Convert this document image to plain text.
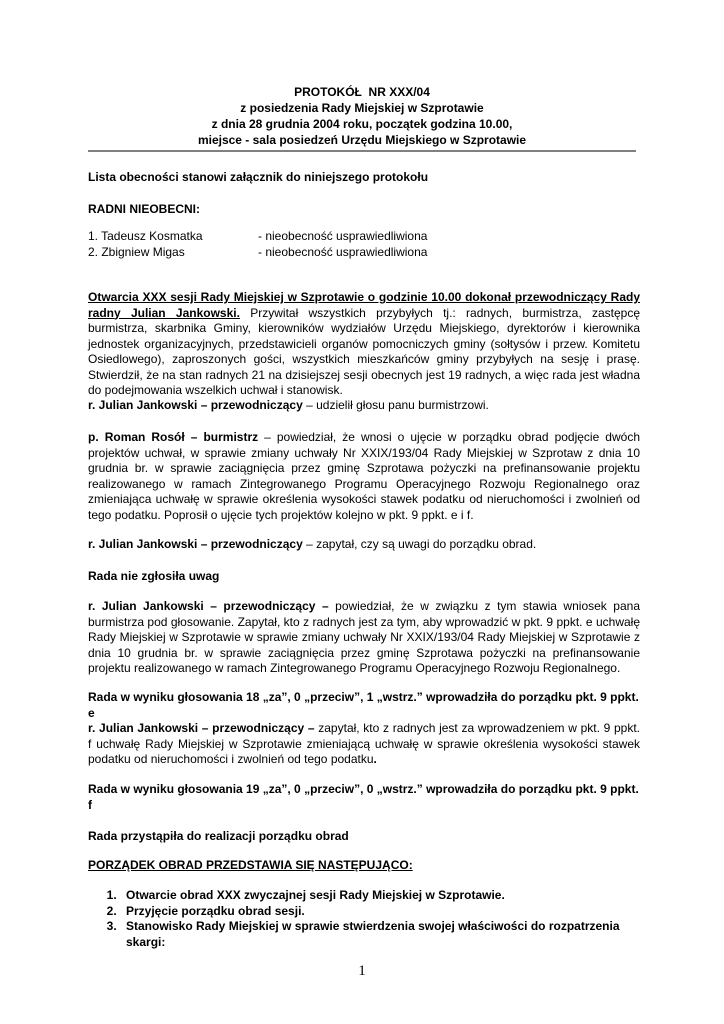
PROTOKÓŁ  NR XXX/04
z posiedzenia Rady Miejskiej w Szprotawie
z dnia 28 grudnia 2004 roku, początek godzina 10.00,
miejsce - sala posiedzeń Urzędu Miejskiego w Szprotawie
Lista obecności stanowi załącznik do niniejszego protokołu
RADNI NIEOBECNI:
1. Tadeusz Kosmatka	- nieobecność usprawiedliwiona
2. Zbigniew Migas	- nieobecność usprawiedliwiona
Otwarcia XXX sesji Rady Miejskiej w Szprotawie o godzinie 10.00 dokonał przewodniczący Rady radny Julian Jankowski. Przywitał wszystkich przybyłych tj.: radnych, burmistrza, zastępcę burmistrza, skarbnika Gminy, kierowników wydziałów Urzędu Miejskiego, dyrektorów i kierownika jednostek organizacyjnych, przedstawicieli organów pomocniczych gminy (sołtysów i przew. Komitetu Osiedlowego), zaproszonych gości, wszystkich mieszkańców gminy przybyłych na sesję i prasę. Stwierdził, że na stan radnych 21 na dzisiejszej sesji obecnych jest 19 radnych, a więc rada jest władna do podejmowania wszelkich uchwał i stanowisk.
r. Julian Jankowski – przewodniczący – udzielił głosu panu burmistrzowi.
p. Roman Rosół – burmistrz – powiedział, że wnosi o ujęcie w porządku obrad podjęcie dwóch projektów uchwał, w sprawie zmiany uchwały Nr XXIX/193/04 Rady Miejskiej w Szprotaw z dnia 10 grudnia br. w sprawie zaciągnięcia przez gminę Szprotawa pożyczki na prefinansowanie projektu realizowanego w ramach Zintegrowanego Programu Operacyjnego Rozwoju Regionalnego oraz zmieniająca uchwałę w sprawie określenia wysokości stawek podatku od nieruchomości i zwolnień od tego podatku. Poprosił o ujęcie tych projektów kolejno w pkt. 9 ppkt. e i f.
r. Julian Jankowski – przewodniczący – zapytał, czy są uwagi do porządku obrad.
Rada nie zgłosiła uwag
r. Julian Jankowski – przewodniczący – powiedział, że w związku z tym stawia wniosek pana burmistrza pod głosowanie. Zapytał, kto z radnych jest za tym, aby wprowadzić w pkt. 9 ppkt. e uchwałę Rady Miejskiej w Szprotawie w sprawie zmiany uchwały Nr XXIX/193/04 Rady Miejskiej w Szprotawie z dnia 10 grudnia br. w sprawie zaciągnięcia przez gminę Szprotawa pożyczki na prefinansowanie projektu realizowanego w ramach Zintegrowanego Programu Operacyjnego Rozwoju Regionalnego.
Rada w wyniku głosowania 18 „za”, 0 „przeciw”, 1 „wstrz.” wprowadziła do porządku pkt. 9 ppkt. e
r. Julian Jankowski – przewodniczący – zapytał, kto z radnych jest za wprowadzeniem w pkt. 9 ppkt. f uchwałę Rady Miejskiej w Szprotawie zmieniającą uchwałę w sprawie określenia wysokości stawek podatku od nieruchomości i zwolnień od tego podatku.
Rada w wyniku głosowania 19 „za”, 0 „przeciw”, 0 „wstrz.” wprowadziła do porządku pkt. 9 ppkt. f
Rada przystąpiła do realizacji porządku obrad
PORZĄDEK OBRAD PRZEDSTAWIA SIĘ NASTĘPUJĄCO:
1. Otwarcie obrad XXX zwyczajnej sesji Rady Miejskiej w Szprotawie.
2. Przyjęcie porządku obrad sesji.
3. Stanowisko Rady Miejskiej w sprawie stwierdzenia swojej właściwości do rozpatrzenia skargi:
1
